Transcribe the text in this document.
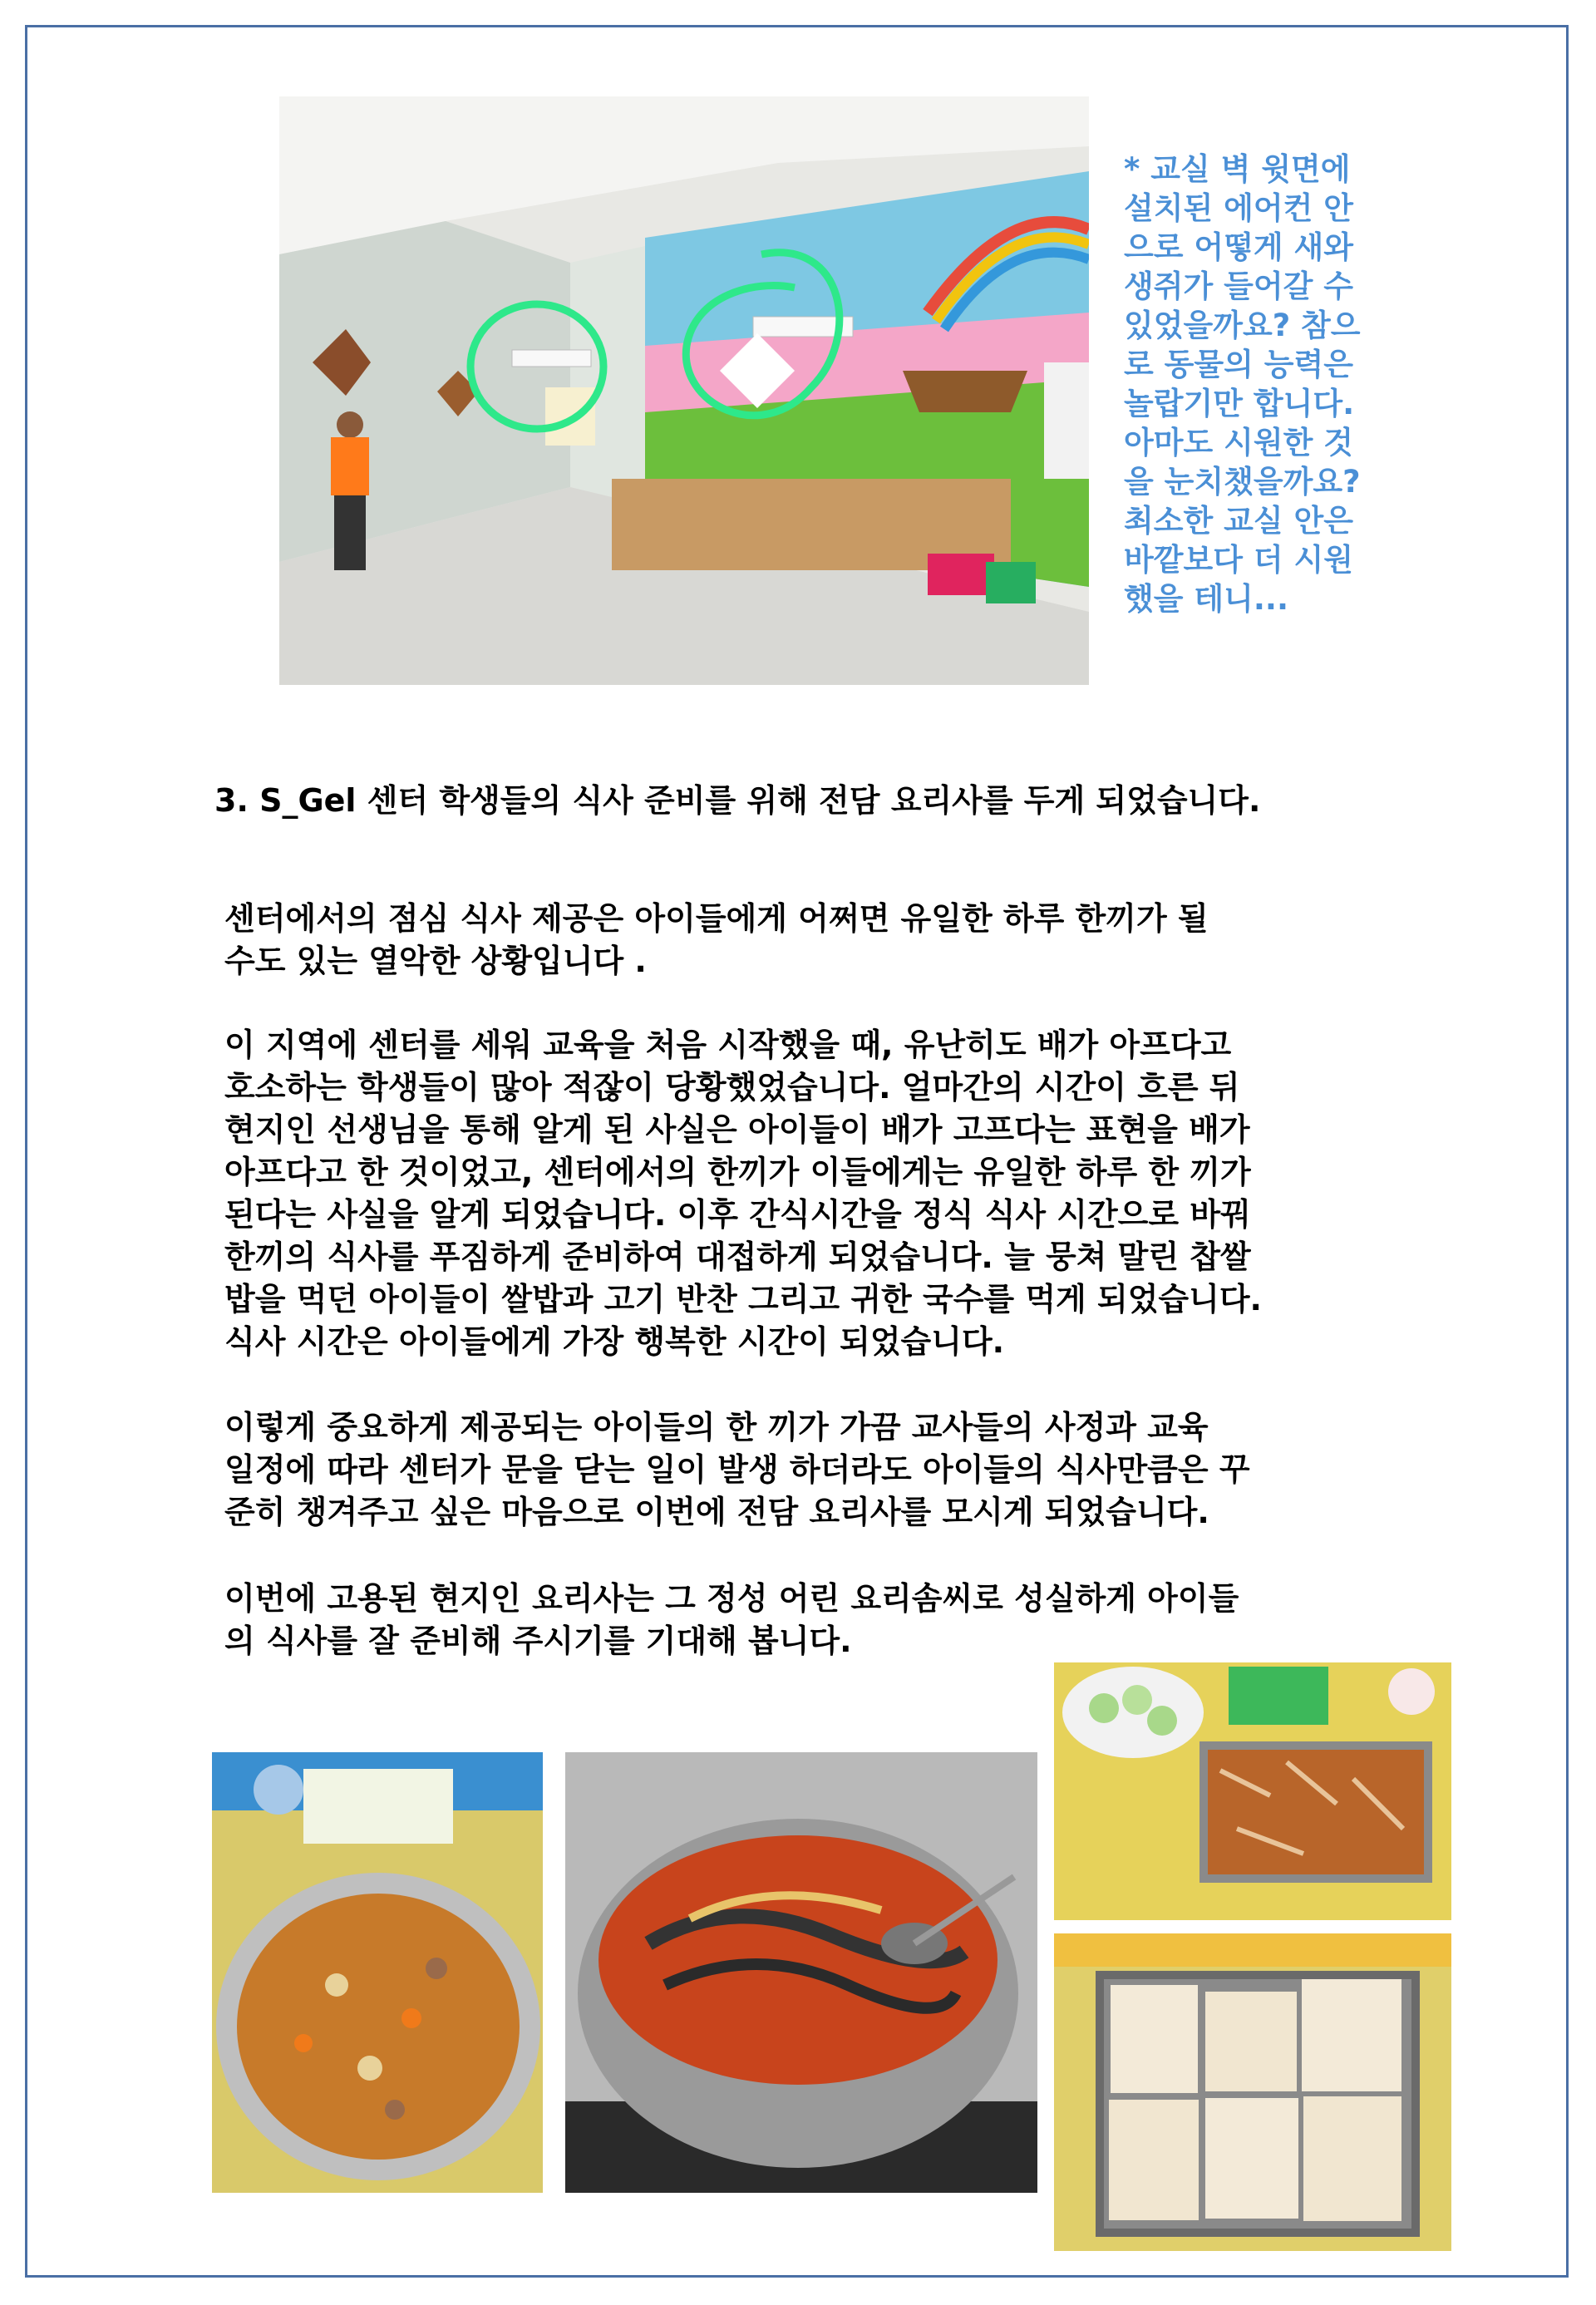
* 교실 벽 윗면에
설치된 에어컨 안
으로 어떻게 새와
생쥐가 들어갈 수
있었을까요? 참으
로 동물의 능력은
놀랍기만 합니다.
아마도 시원한 것
을 눈치챘을까요?
최소한 교실 안은
바깥보다 더 시원
했을 테니...
3. S_Gel 센터 학생들의 식사 준비를 위해 전담 요리사를 두게 되었습니다.
센터에서의 점심 식사 제공은 아이들에게 어쩌면 유일한 하루 한끼가 될
수도 있는 열악한 상황입니다 .
이 지역에 센터를 세워 교육을 처음 시작했을 때, 유난히도 배가 아프다고
호소하는 학생들이 많아 적잖이 당황했었습니다. 얼마간의 시간이 흐른 뒤
현지인 선생님을 통해 알게 된 사실은 아이들이 배가 고프다는 표현을 배가
아프다고 한 것이었고, 센터에서의 한끼가 이들에게는 유일한 하루 한 끼가
된다는 사실을 알게 되었습니다. 이후 간식시간을 정식 식사 시간으로 바꿔
한끼의 식사를 푸짐하게 준비하여 대접하게 되었습니다. 늘 뭉쳐 말린 찹쌀
밥을 먹던 아이들이 쌀밥과 고기 반찬 그리고 귀한 국수를 먹게 되었습니다.
식사 시간은 아이들에게 가장 행복한 시간이 되었습니다.
이렇게 중요하게 제공되는 아이들의 한 끼가 가끔 교사들의 사정과 교육
일정에 따라 센터가 문을 닫는 일이 발생 하더라도 아이들의 식사만큼은 꾸
준히 챙겨주고 싶은 마음으로 이번에 전담 요리사를 모시게 되었습니다.
이번에 고용된 현지인 요리사는 그 정성 어린 요리솜씨로 성실하게 아이들
의 식사를 잘 준비해 주시기를 기대해 봅니다.
